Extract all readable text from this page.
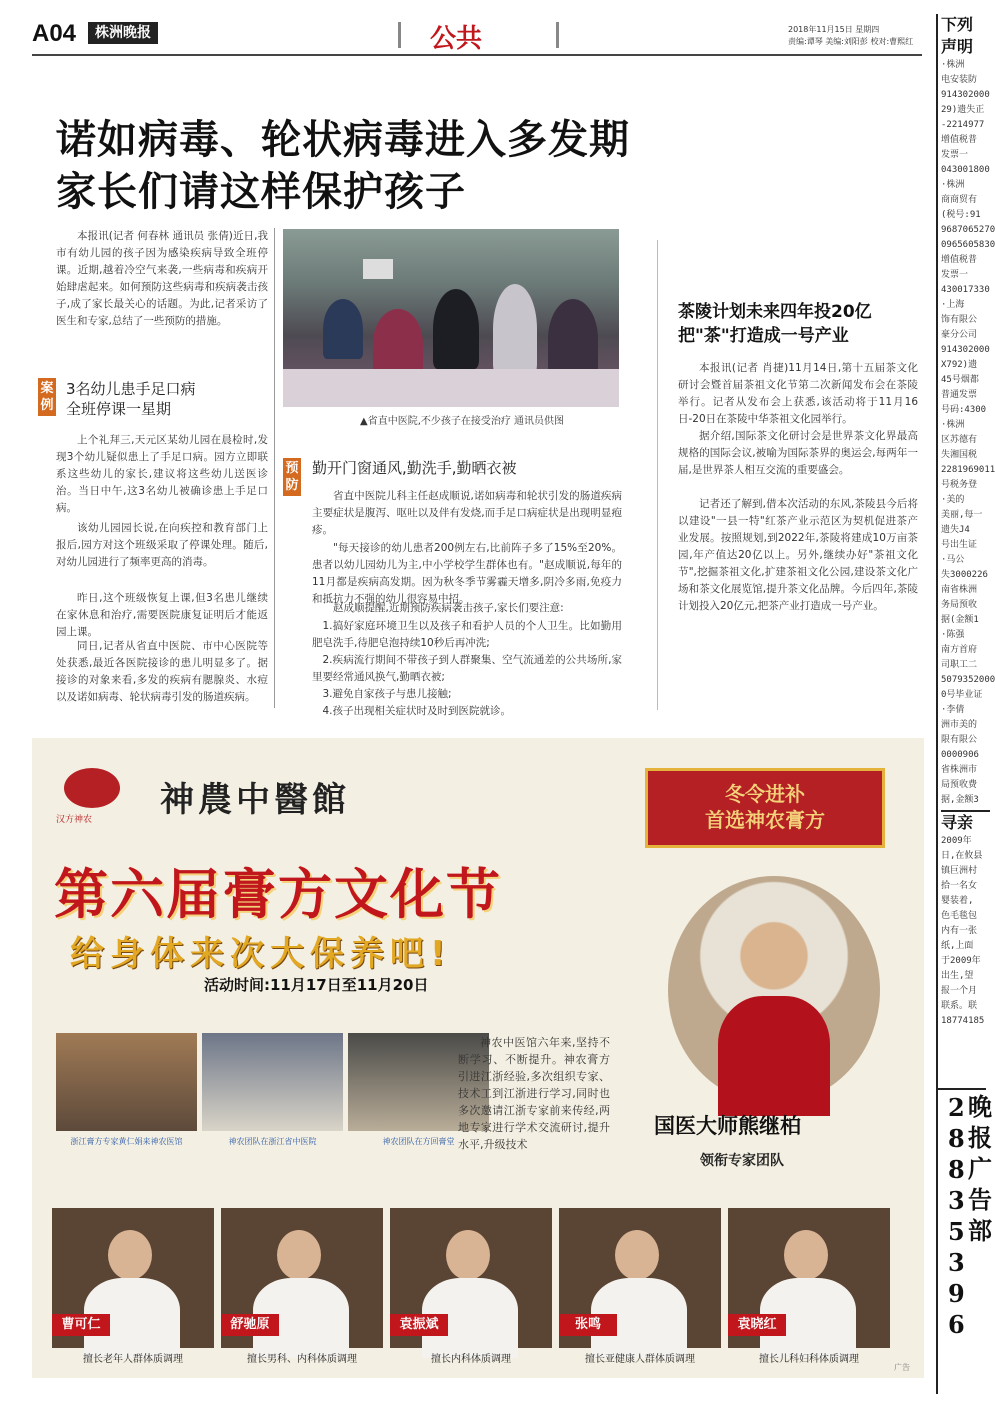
A04	株洲晚报	公共	2018年11月15日 星期四
责编:谭琴 美编:刘阳彭 校对:曹熙红
诺如病毒、轮状病毒进入多发期
家长们请这样保护孩子
本报讯(记者 何春林 通讯员 张倩)近日,我市有幼儿园的孩子因为感染疾病导致全班停课。近期,越着冷空气来袭,一些病毒和疾病开始肆虐起来。如何预防这些病毒和疾病袭击孩子,成了家长最关心的话题。为此,记者采访了医生和专家,总结了一些预防的措施。
案例
3名幼儿患手足口病
全班停课一星期
上个礼拜三,天元区某幼儿园在晨检时,发现3个幼儿疑似患上了手足口病。园方立即联系这些幼儿的家长,建议将这些幼儿送医诊治。当日中午,这3名幼儿被确诊患上手足口病。
该幼儿园园长说,在向疾控和教育部门上报后,园方对这个班级采取了停课处理。随后,对幼儿园进行了频率更高的消毒。
昨日,这个班级恢复上课,但3名患儿继续在家休息和治疗,需要医院康复证明后才能返园上课。
同日,记者从省直中医院、市中心医院等处获悉,最近各医院接诊的患儿明显多了。据接诊的对象来看,多发的疾病有腮腺炎、水痘以及诺如病毒、轮状病毒引发的肠道疾病。
▲省直中医院,不少孩子在接受治疗 通讯员供图
预防
勤开门窗通风,勤洗手,勤晒衣被
省直中医院儿科主任赵成顺说,诺如病毒和轮状引发的肠道疾病主要症状是腹泻、呕吐以及伴有发烧,而手足口病症状是出现明显疱疹。
"每天接诊的幼儿患者200例左右,比前阵子多了15%至20%。患者以幼儿园幼儿为主,中小学校学生群体也有。"赵成顺说,每年的11月都是疾病高发期。因为秋冬季节雾霾天增多,阴冷多雨,免疫力和抵抗力不强的幼儿很容易中招。
赵成顺提醒,近期预防疾病袭击孩子,家长们要注意:
1.搞好家庭环境卫生以及孩子和看护人员的个人卫生。比如勤用肥皂洗手,待肥皂泡持续10秒后再冲洗;
2.疾病流行期间不带孩子到人群聚集、空气流通差的公共场所,家里要经常通风换气,勤晒衣被;
3.避免自家孩子与患儿接触;
4.孩子出现相关症状时及时到医院就诊。
茶陵计划未来四年投20亿
把"茶"打造成一号产业
本报讯(记者 肖捷)11月14日,第十五届茶文化研讨会暨首届茶祖文化节第二次新闻发布会在茶陵举行。记者从发布会上获悉,该活动将于11月16日-20日在茶陵中华茶祖文化园举行。
据介绍,国际茶文化研讨会是世界茶文化界最高规格的国际会议,被喻为国际茶界的奥运会,每两年一届,是世界茶人相互交流的重要盛会。
记者还了解到,借本次活动的东风,茶陵县今后将以建设"一县一特"红茶产业示范区为契机促进茶产业发展。按照规划,到2022年,茶陵将建成10万亩茶园,年产值达20亿以上。另外,继续办好"茶祖文化节",挖掘茶祖文化,扩建茶祖文化公园,建设茶文化广场和茶文化展览馆,提升茶文化品牌。今后四年,茶陵计划投入20亿元,把茶产业打造成一号产业。
下列
声明
·株洲
电安装防
914302000
29)遗失正
-2214977
增值税普
发票一
043001800
·株洲
商商贸有
(税号:91
9687065270
0965605830
增值税普
发票一
430017330
·上海
饰有限公
豪分公司
914302000
X792)遗
45号烟都
普通发票
号码:4300
·株洲
区苏德有
失湘国税
2281969011
号税务登
·美的
美丽,每一
遗失J4
号出生证
·马公
失3000226
南省株洲
务局预收
据(金额1
·陈强
南方首府
司职工二
5079352000
0号毕业证
·李倩
洲市美的
限有限公
0000906
省株洲市
局预收费
据,金额3
寻亲
2009年
日,在攸县
镇巨洲村
拾一名女
婴装着,
色毛毯包
内有一张
纸,上面
于2009年
出生,望
报一个月
联系。联
18774185
2
8
8
3
5
3
9
6
晚
报
广
告
部
汉方神农 神農中醫館	冬令进补
首选神农膏方
第六届膏方文化节
给身体来次大保养吧!
活动时间:11月17日至11月20日
浙江膏方专家黄仁娟来神农医馆	神农团队在浙江省中医院	神农团队在方回膏堂
神农中医馆六年来,坚持不断学习、不断提升。神农膏方引进江浙经验,多次组织专家、技术工到江浙进行学习,同时也多次邀请江浙专家前来传经,两地专家进行学术交流研讨,提升水平,升级技术
国医大师熊继柏
领衔专家团队
曹可仁	舒驰原	袁振斌	张鸣	袁晓红
擅长老年人群体质调理	擅长男科、内科体质调理	擅长内科体质调理	擅长亚健康人群体质调理	擅长儿科妇科体质调理
广告
